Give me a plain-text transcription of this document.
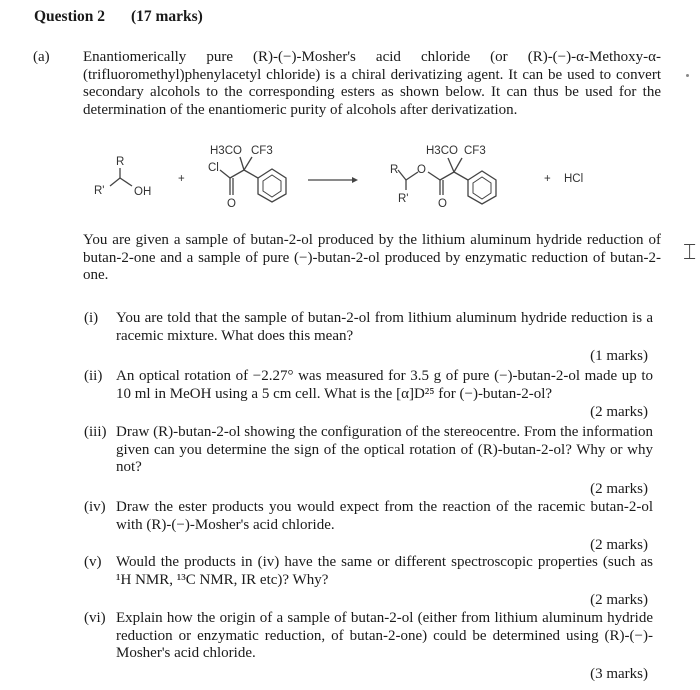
Question 2 (17 marks)
(a) Enantiomerically pure (R)-(−)-Mosher's acid chloride (or (R)-(−)-α-Methoxy-α-(trifluoromethyl)phenylacetyl chloride) is a chiral derivatizing agent. It can be used to convert secondary alcohols to the corresponding esters as shown below. It can thus be used for the determination of the enantiomeric purity of alcohols after derivatization.
R
R'	OH
+
H3CO CF3
Cl
O
H3CO CF3
R O
R'	O
+ HCl
You are given a sample of butan-2-ol produced by the lithium aluminum hydride reduction of butan-2-one and a sample of pure (−)-butan-2-ol produced by enzymatic reduction of butan-2-one.
⌶
(i) You are told that the sample of butan-2-ol from lithium aluminum hydride reduction is a racemic mixture. What does this mean?
(1 marks)
(ii) An optical rotation of −2.27° was measured for 3.5 g of pure (−)-butan-2-ol made up to 10 ml in MeOH using a 5 cm cell. What is the [α]D²⁵ for (−)-butan-2-ol?
(2 marks)
(iii) Draw (R)-butan-2-ol showing the configuration of the stereocentre. From the information given can you determine the sign of the optical rotation of (R)-butan-2-ol? Why or why not?
(2 marks)
(iv) Draw the ester products you would expect from the reaction of the racemic butan-2-ol with (R)-(−)-Mosher's acid chloride.
(2 marks)
(v) Would the products in (iv) have the same or different spectroscopic properties (such as ¹H NMR, ¹³C NMR, IR etc)? Why?
(2 marks)
(vi) Explain how the origin of a sample of butan-2-ol (either from lithium aluminum hydride reduction or enzymatic reduction, of butan-2-one) could be determined using (R)-(−)-Mosher's acid chloride.
(3 marks)
